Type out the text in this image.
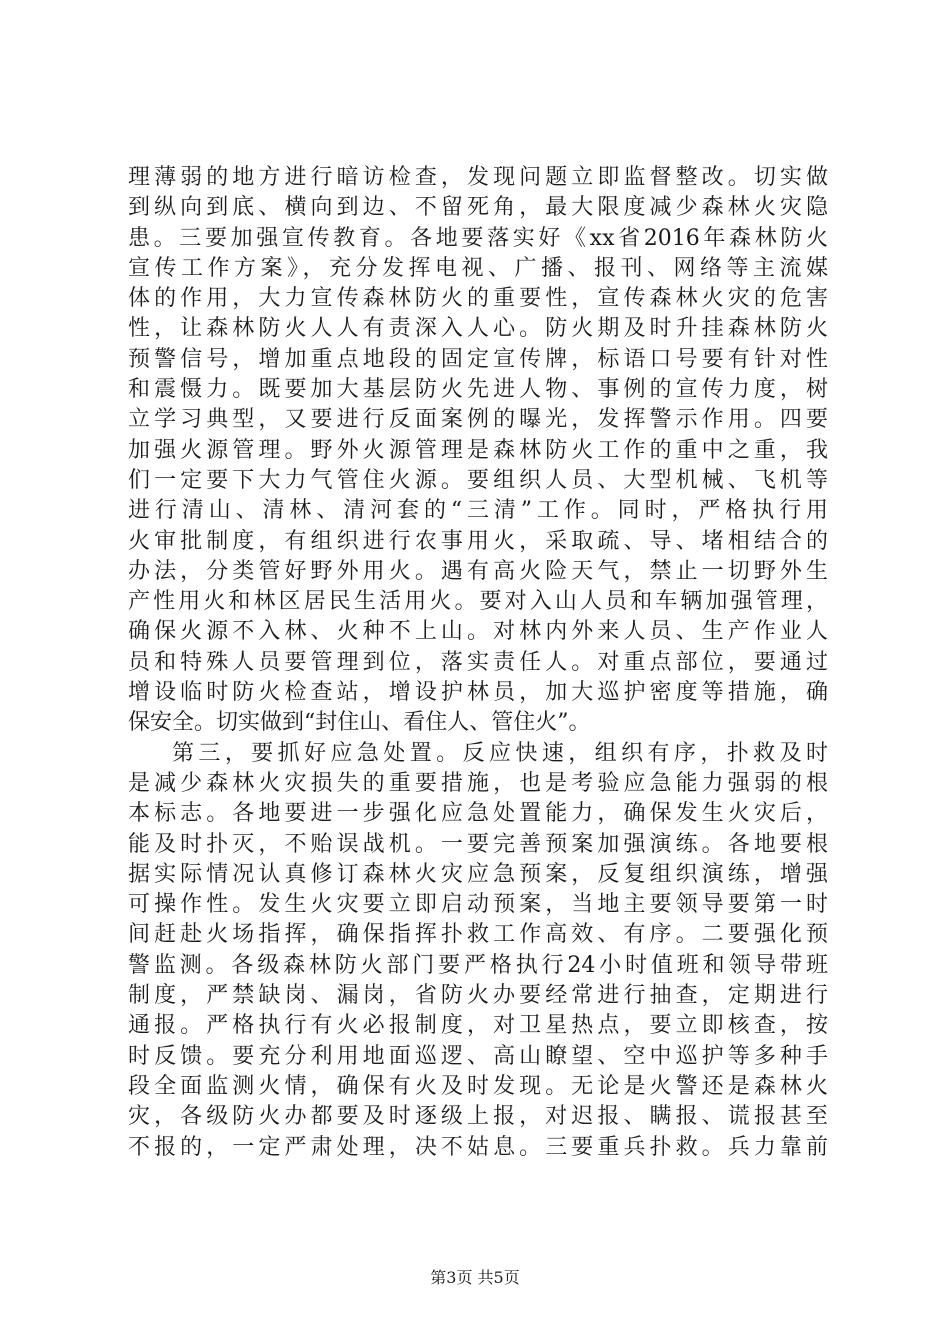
理薄弱的地方进行暗访检查，发现问题立即监督整改。切实做
到纵向到底、横向到边、不留死角，最大限度减少森林火灾隐
患。三要加强宣传教育。各地要落实好《xx省2016年森林防火
宣传工作方案》，充分发挥电视、广播、报刊、网络等主流媒
体的作用，大力宣传森林防火的重要性，宣传森林火灾的危害
性，让森林防火人人有责深入人心。防火期及时升挂森林防火
预警信号，增加重点地段的固定宣传牌，标语口号要有针对性
和震慑力。既要加大基层防火先进人物、事例的宣传力度，树
立学习典型，又要进行反面案例的曝光，发挥警示作用。四要
加强火源管理。野外火源管理是森林防火工作的重中之重，我
们一定要下大力气管住火源。要组织人员、大型机械、飞机等
进行清山、清林、清河套的“三清”工作。同时，严格执行用
火审批制度，有组织进行农事用火，采取疏、导、堵相结合的
办法，分类管好野外用火。遇有高火险天气，禁止一切野外生
产性用火和林区居民生活用火。要对入山人员和车辆加强管理，
确保火源不入林、火种不上山。对林内外来人员、生产作业人
员和特殊人员要管理到位，落实责任人。对重点部位，要通过
增设临时防火检查站，增设护林员，加大巡护密度等措施，确
保安全。切实做到“封住山、看住人、管住火”。
第三，要抓好应急处置。反应快速，组织有序，扑救及时
是减少森林火灾损失的重要措施，也是考验应急能力强弱的根
本标志。各地要进一步强化应急处置能力，确保发生火灾后，
能及时扑灭，不贻误战机。一要完善预案加强演练。各地要根
据实际情况认真修订森林火灾应急预案，反复组织演练，增强
可操作性。发生火灾要立即启动预案，当地主要领导要第一时
间赶赴火场指挥，确保指挥扑救工作高效、有序。二要强化预
警监测。各级森林防火部门要严格执行24小时值班和领导带班
制度，严禁缺岗、漏岗，省防火办要经常进行抽查，定期进行
通报。严格执行有火必报制度，对卫星热点，要立即核查，按
时反馈。要充分利用地面巡逻、高山瞭望、空中巡护等多种手
段全面监测火情，确保有火及时发现。无论是火警还是森林火
灾，各级防火办都要及时逐级上报，对迟报、瞒报、谎报甚至
不报的，一定严肃处理，决不姑息。三要重兵扑救。兵力靠前
第3页 共5页
